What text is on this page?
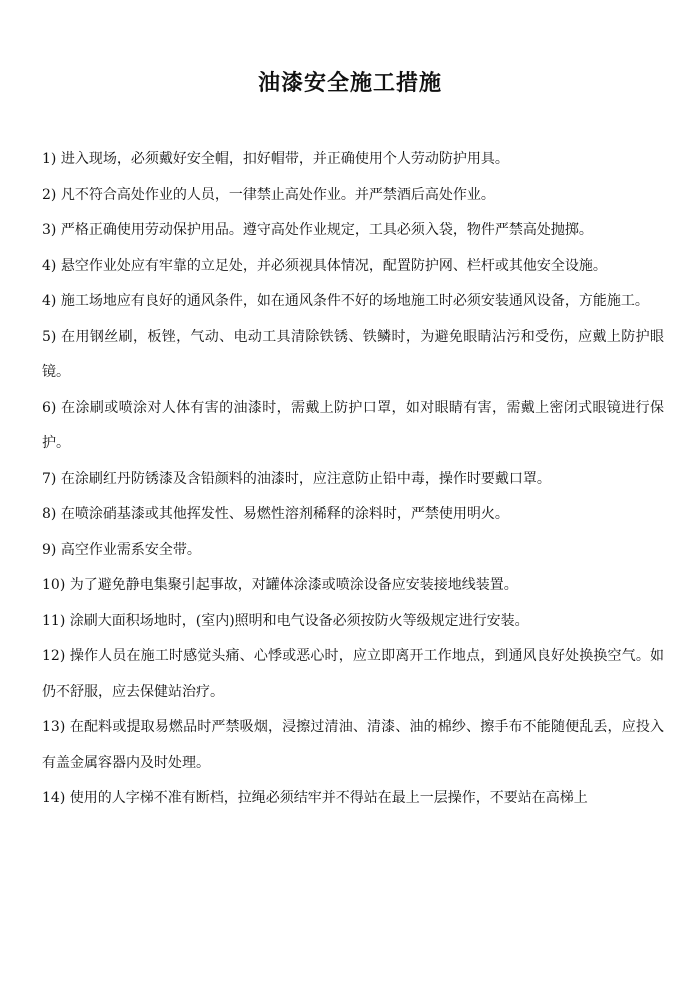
油漆安全施工措施

1) 进入现场，必须戴好安全帽，扣好帽带，并正确使用个人劳动防护用具。

2) 凡不符合高处作业的人员，一律禁止高处作业。并严禁酒后高处作业。

3) 严格正确使用劳动保护用品。遵守高处作业规定，工具必须入袋，物件严禁高处抛掷。

4) 悬空作业处应有牢靠的立足处，并必须视具体情况，配置防护网、栏杆或其他安全设施。

4) 施工场地应有良好的通风条件，如在通风条件不好的场地施工时必须安装通风设备，方能施工。

5) 在用钢丝刷，板锉，气动、电动工具清除铁锈、铁鳞时，为避免眼睛沾污和受伤，应戴上防护眼镜。

6) 在涂刷或喷涂对人体有害的油漆时，需戴上防护口罩，如对眼睛有害，需戴上密闭式眼镜进行保护。

7) 在涂刷红丹防锈漆及含铅颜料的油漆时，应注意防止铅中毒，操作时要戴口罩。

8) 在喷涂硝基漆或其他挥发性、易燃性溶剂稀释的涂料时，严禁使用明火。

9) 高空作业需系安全带。

10) 为了避免静电集聚引起事故，对罐体涂漆或喷涂设备应安装接地线装置。

11) 涂刷大面积场地时，(室内)照明和电气设备必须按防火等级规定进行安装。

12) 操作人员在施工时感觉头痛、心悸或恶心时，应立即离开工作地点，到通风良好处换换空气。如仍不舒服，应去保健站治疗。

13) 在配料或提取易燃品时严禁吸烟，浸擦过清油、清漆、油的棉纱、擦手布不能随便乱丢，应投入有盖金属容器内及时处理。

14) 使用的人字梯不准有断档，拉绳必须结牢并不得站在最上一层操作，不要站在高梯上
